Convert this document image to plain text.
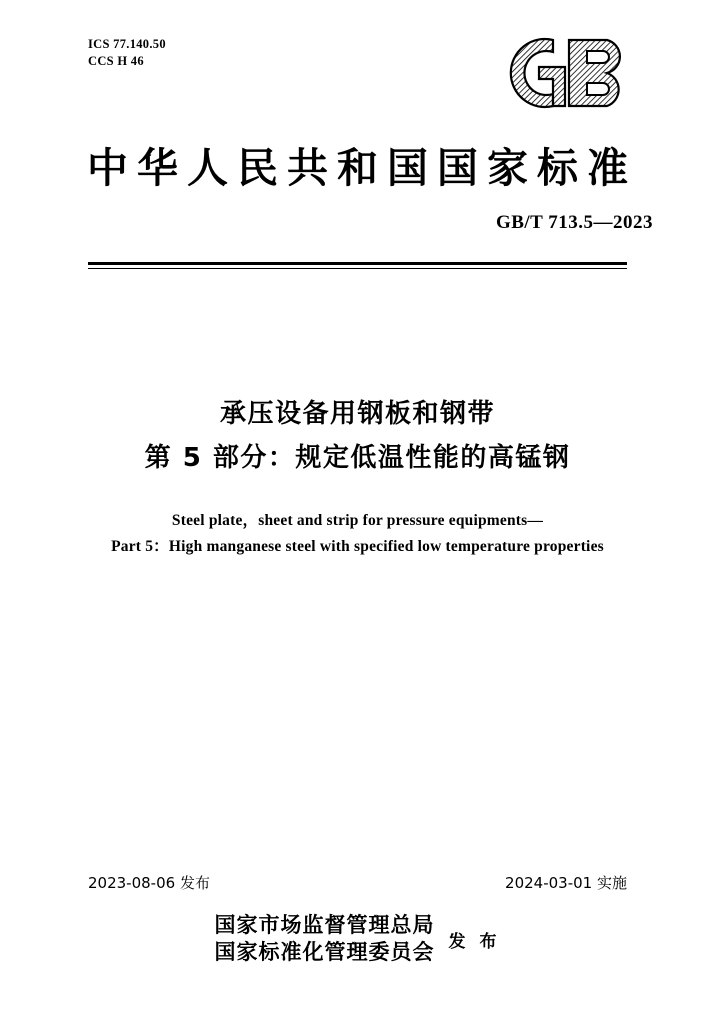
ICS 77.140.50
CCS H 46
中华人民共和国国家标准
GB/T 713.5—2023
承压设备用钢板和钢带
第 5 部分：规定低温性能的高锰钢
Steel plate，sheet and strip for pressure equipments—
Part 5：High manganese steel with specified low temperature properties
2023-08-06 发布	2024-03-01 实施
国家市场监督管理总局
国家标准化管理委员会 发 布
